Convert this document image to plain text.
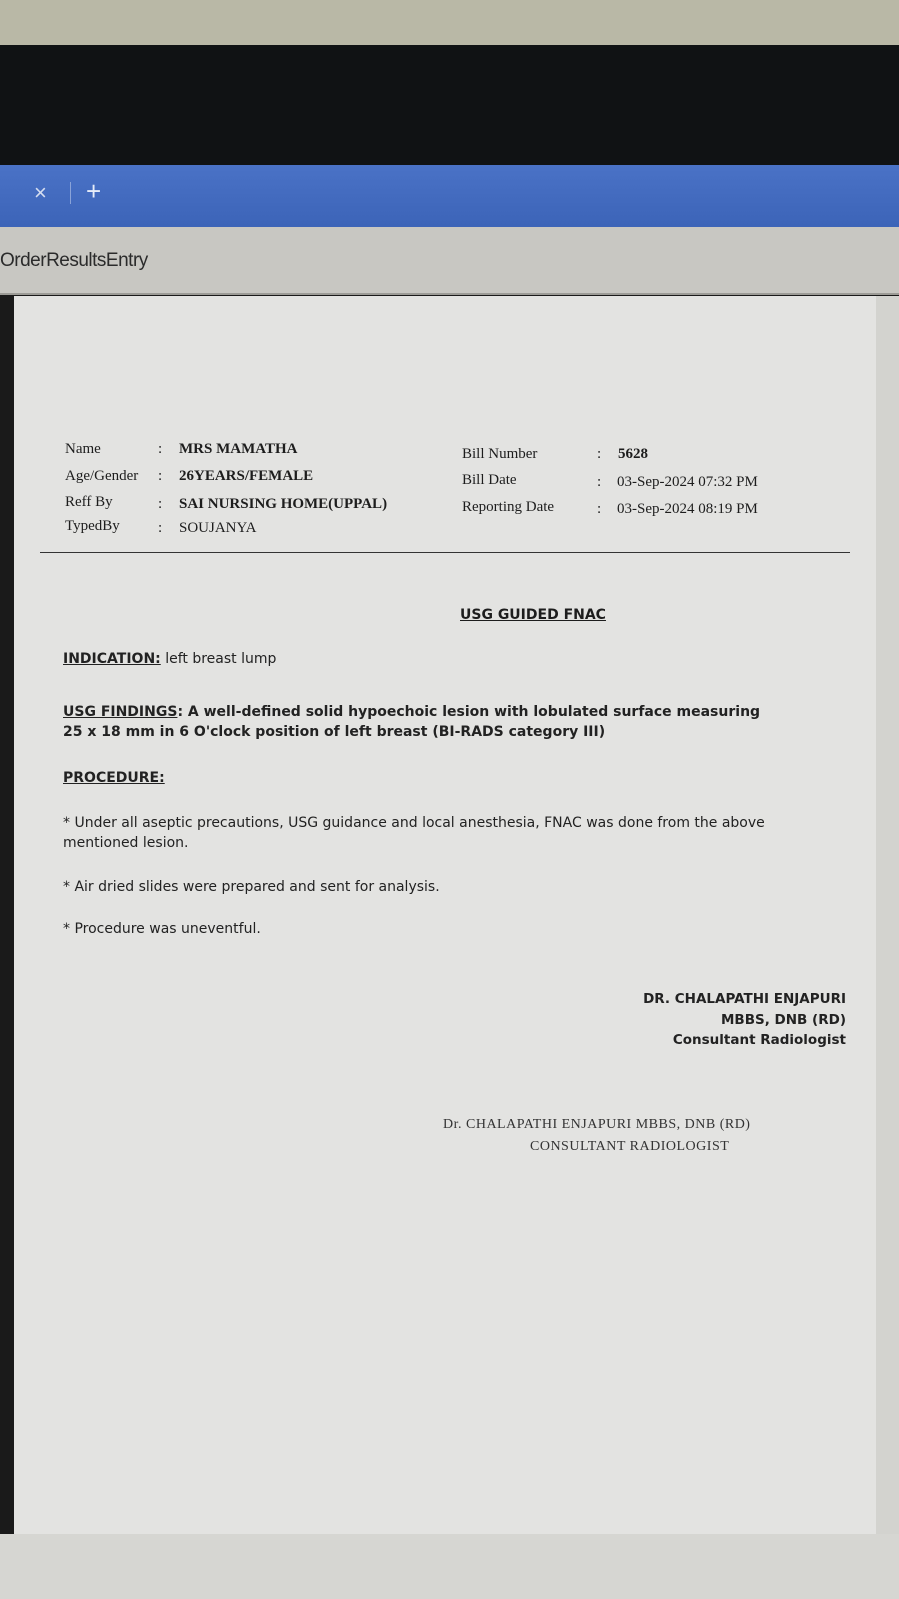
× +
OrderResultsEntry
Name	: MRS MAMATHA
Age/Gender : 26YEARS/FEMALE
Reff By	: SAI NURSING HOME(UPPAL)
TypedBy	: SOUJANYA
Bill Number	: 5628
Bill Date	: 03-Sep-2024 07:32 PM
Reporting Date	: 03-Sep-2024 08:19 PM
USG GUIDED FNAC
INDICATION: left breast lump
USG FINDINGS: A well-defined solid hypoechoic lesion with lobulated surface measuring
25 x 18 mm in 6 O'clock position of left breast (BI-RADS category III)
PROCEDURE:
* Under all aseptic precautions, USG guidance and local anesthesia, FNAC was done from the above
mentioned lesion.
* Air dried slides were prepared and sent for analysis.
* Procedure was uneventful.
DR. CHALAPATHI ENJAPURI
MBBS, DNB (RD)
Consultant Radiologist
Dr. CHALAPATHI ENJAPURI MBBS, DNB (RD)
CONSULTANT RADIOLOGIST
